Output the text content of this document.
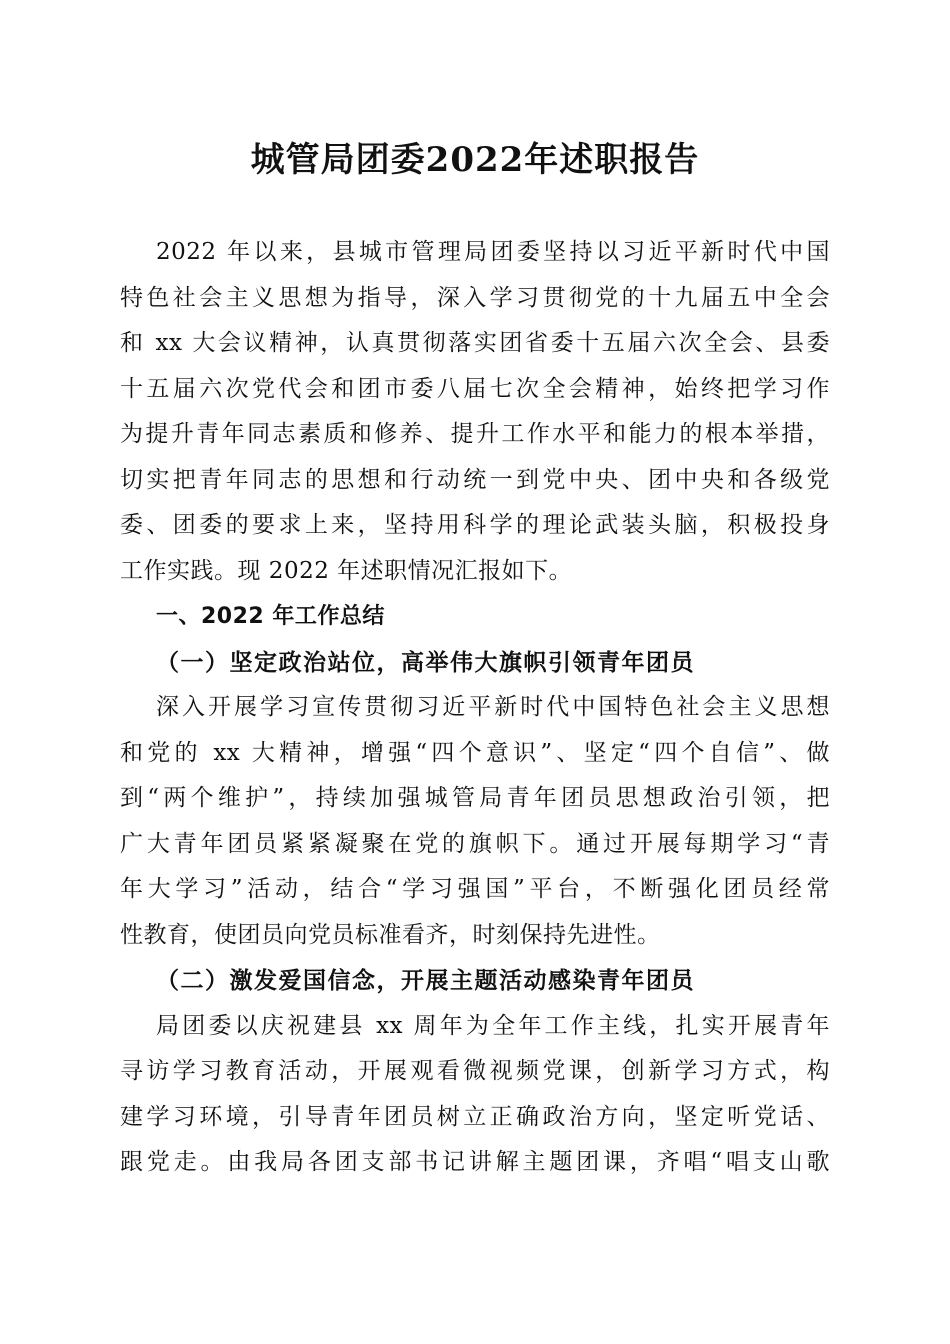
城管局团委2022年述职报告
2022 年以来，县城市管理局团委坚持以习近平新时代中国
特色社会主义思想为指导，深入学习贯彻党的十九届五中全会
和 xx 大会议精神，认真贯彻落实团省委十五届六次全会、县委
十五届六次党代会和团市委八届七次全会精神，始终把学习作
为提升青年同志素质和修养、提升工作水平和能力的根本举措，
切实把青年同志的思想和行动统一到党中央、团中央和各级党
委、团委的要求上来，坚持用科学的理论武装头脑，积极投身
工作实践。现 2022 年述职情况汇报如下。
一、2022 年工作总结
（一）坚定政治站位，高举伟大旗帜引领青年团员
深入开展学习宣传贯彻习近平新时代中国特色社会主义思想
和党的 xx 大精神，增强“四个意识”、坚定“四个自信”、做
到“两个维护”，持续加强城管局青年团员思想政治引领，把
广大青年团员紧紧凝聚在党的旗帜下。通过开展每期学习“青
年大学习”活动，结合“学习强国”平台，不断强化团员经常
性教育，使团员向党员标准看齐，时刻保持先进性。
（二）激发爱国信念，开展主题活动感染青年团员
局团委以庆祝建县 xx 周年为全年工作主线，扎实开展青年
寻访学习教育活动，开展观看微视频党课，创新学习方式，构
建学习环境，引导青年团员树立正确政治方向，坚定听党话、
跟党走。由我局各团支部书记讲解主题团课，齐唱“唱支山歌
